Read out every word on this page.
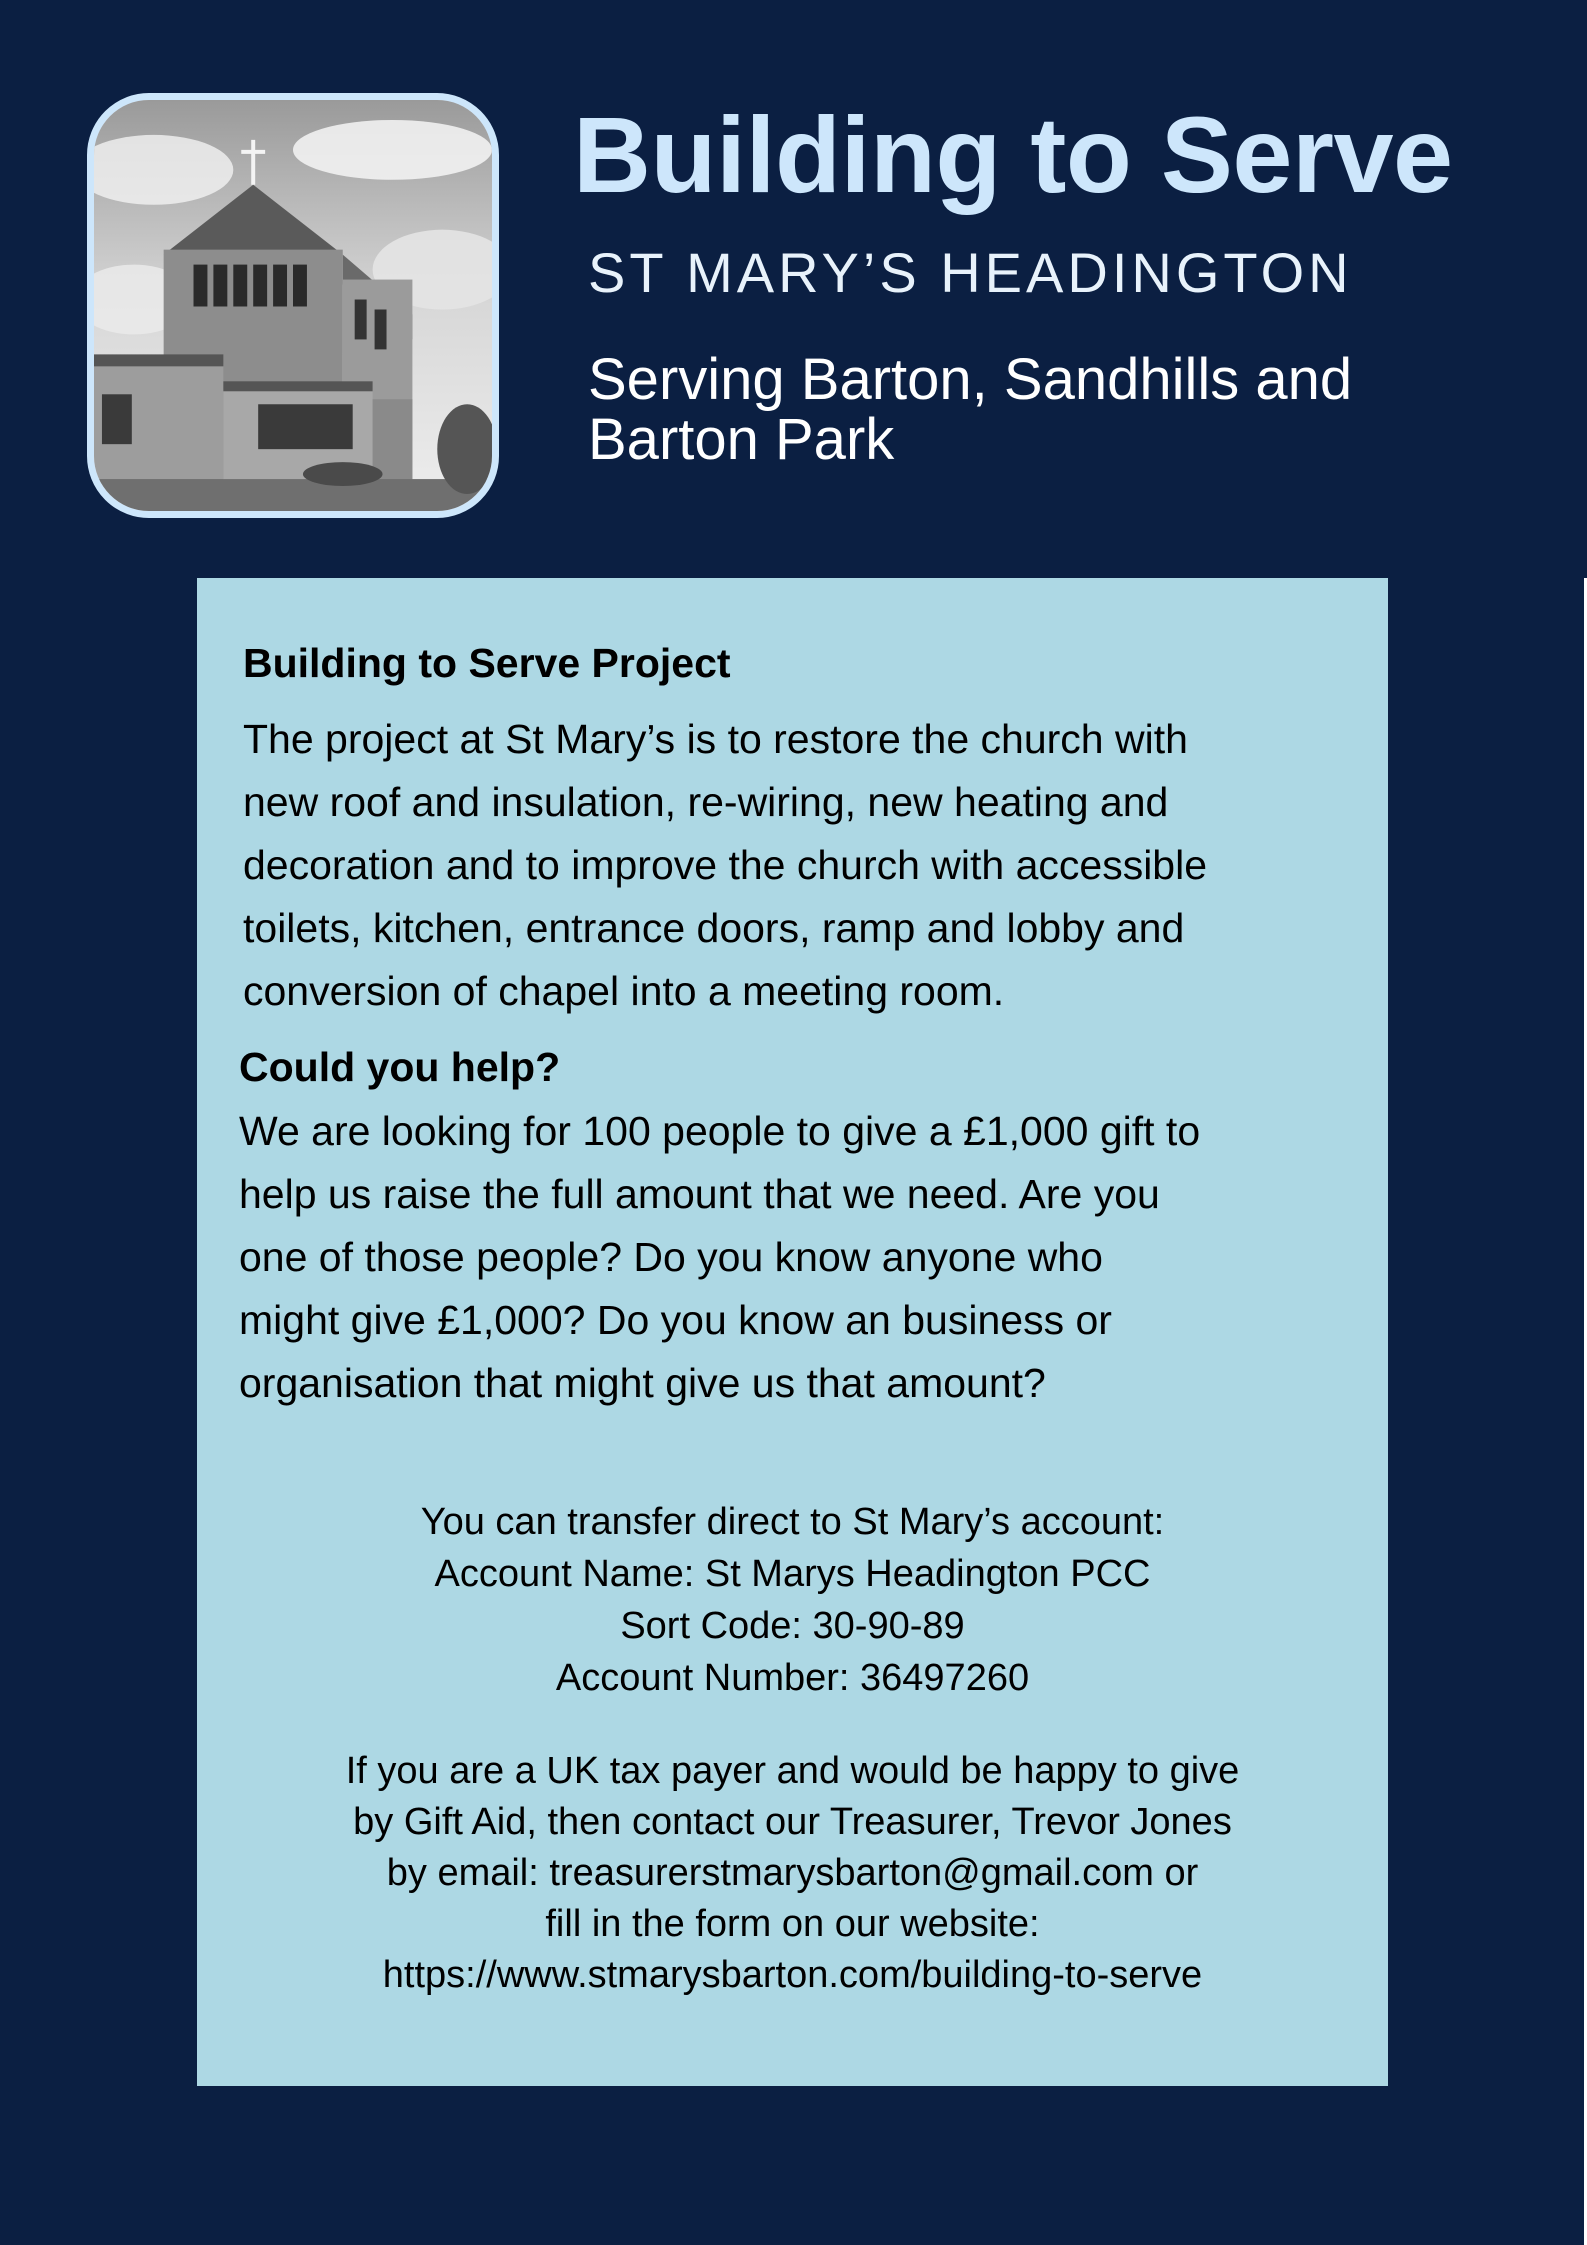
Building to Serve
ST MARY’S HEADINGTON
Serving Barton, Sandhills and
Barton Park
Building to Serve Project
The project at St Mary’s is to restore the church with
new roof and insulation, re-wiring, new heating and
decoration and to improve the church with accessible
toilets, kitchen, entrance doors, ramp and lobby and
conversion of chapel into a meeting room.
Could you help?
We are looking for 100 people to give a £1,000 gift to
help us raise the full amount that we need. Are you
one of those people? Do you know anyone who
might give £1,000? Do you know an business or
organisation that might give us that amount?
You can transfer direct to St Mary’s account:
Account Name: St Marys Headington PCC
Sort Code: 30-90-89
Account Number: 36497260
If you are a UK tax payer and would be happy to give
by Gift Aid, then contact our Treasurer, Trevor Jones
by email: treasurerstmarysbarton@gmail.com or
fill in the form on our website:
https://www.stmarysbarton.com/building-to-serve
